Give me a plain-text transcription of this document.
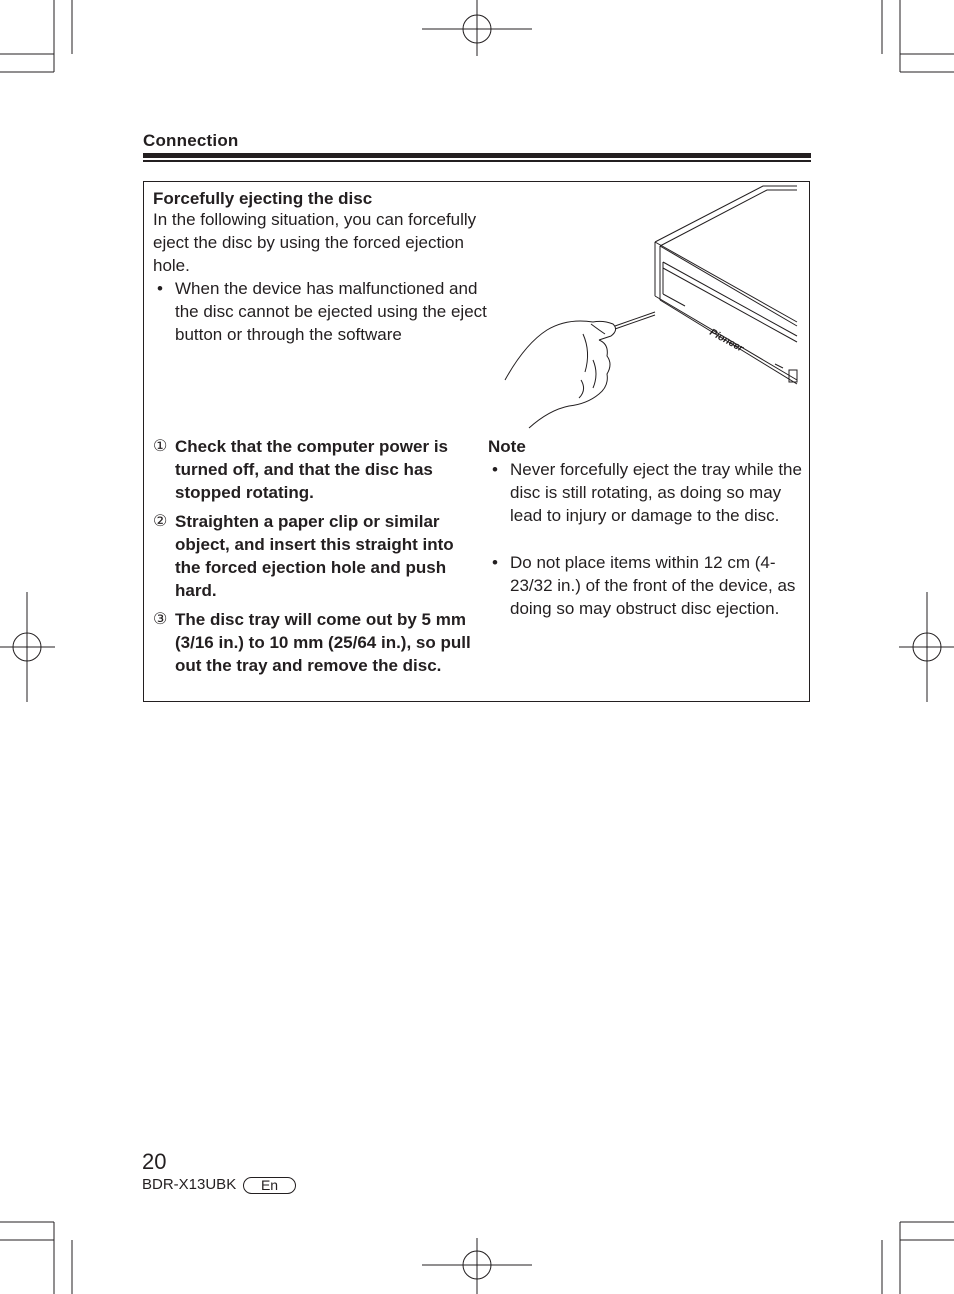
Connection
Forcefully ejecting the disc
In the following situation, you can forcefully eject the disc by using the forced ejection hole.
• When the device has malfunctioned and the disc cannot be ejected using the eject button or through the software	Pioneer
① Check that the computer power is turned off, and that the disc has stopped rotating.
② Straighten a paper clip or similar object, and insert this straight into the forced ejection hole and push hard.
③ The disc tray will come out by 5 mm (3/16 in.) to 10 mm (25/64 in.), so pull out the tray and remove the disc.
Note
• Never forcefully eject the tray while the disc is still rotating, as doing so may lead to injury or damage to the disc.
• Do not place items within 12 cm (4-23/32 in.) of the front of the device, as doing so may obstruct disc ejection.
20
BDR-X13UBK	En
